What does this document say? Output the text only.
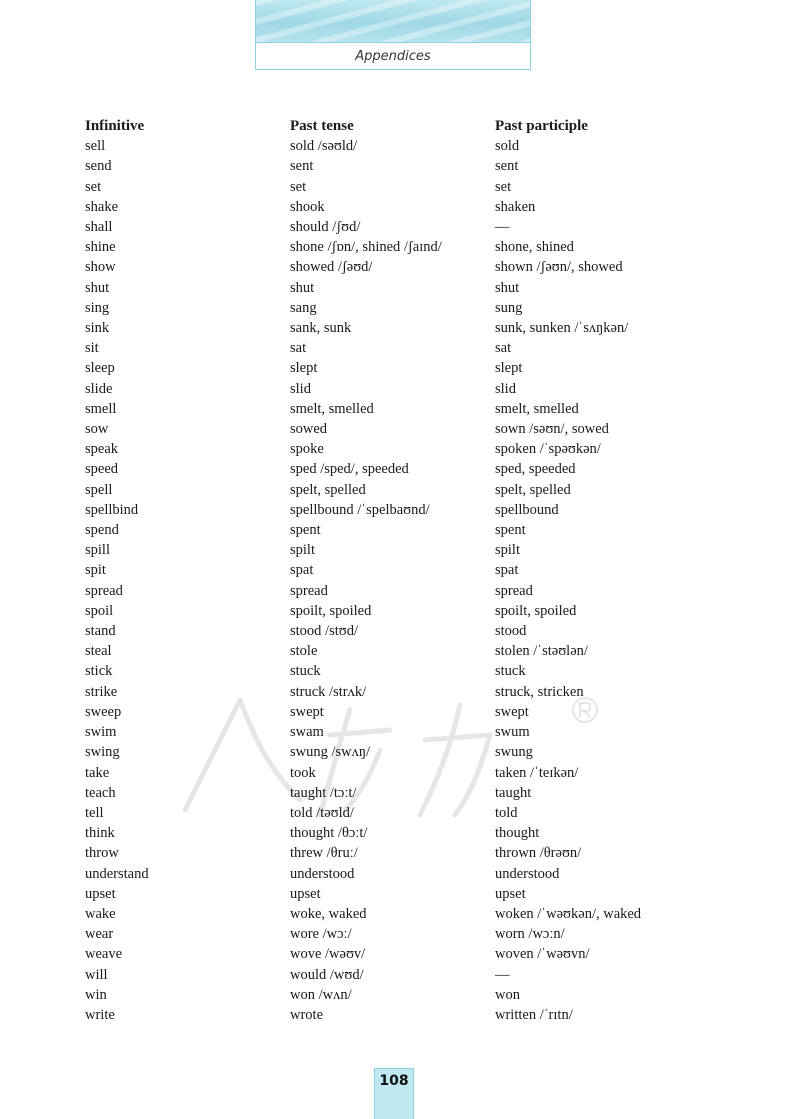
Appendices
Infinitive	Past tense	Past participle
sell	sold /səʊld/	sold
send	sent	sent
set	set	set
shake	shook	shaken
shall	should /ʃʊd/	—
shine	shone /ʃɒn/, shined /ʃaɪnd/	shone, shined
show	showed /ʃəʊd/	shown /ʃəʊn/, showed
shut	shut	shut
sing	sang	sung
sink	sank, sunk	sunk, sunken /ˈsʌŋkən/
sit	sat	sat
sleep	slept	slept
slide	slid	slid
smell	smelt, smelled	smelt, smelled
sow	sowed	sown /səʊn/, sowed
speak	spoke	spoken /ˈspəʊkən/
speed	sped /sped/, speeded	sped, speeded
spell	spelt, spelled	spelt, spelled
spellbind	spellbound /ˈspelbaʊnd/	spellbound
spend	spent	spent
spill	spilt	spilt
spit	spat	spat
spread	spread	spread
spoil	spoilt, spoiled	spoilt, spoiled
stand	stood /stʊd/	stood
steal	stole	stolen /ˈstəʊlən/
stick	stuck	stuck
strike	struck /strʌk/	struck, stricken
sweep	swept	swept
swim	swam	swum
swing	swung /swʌŋ/	swung
take	took	taken /ˈteɪkən/
teach	taught /tɔːt/	taught
tell	told /təʊld/	told
think	thought /θɔːt/	thought
throw	threw /θruː/	thrown /θrəʊn/
understand	understood	understood
upset	upset	upset
wake	woke, waked	woken /ˈwəʊkən/, waked
wear	wore /wɔː/	worn /wɔːn/
weave	wove /wəʊv/	woven /ˈwəʊvn/
will	would /wʊd/	—
win	won /wʌn/	won
write	wrote	written /ˈrɪtn/
108
